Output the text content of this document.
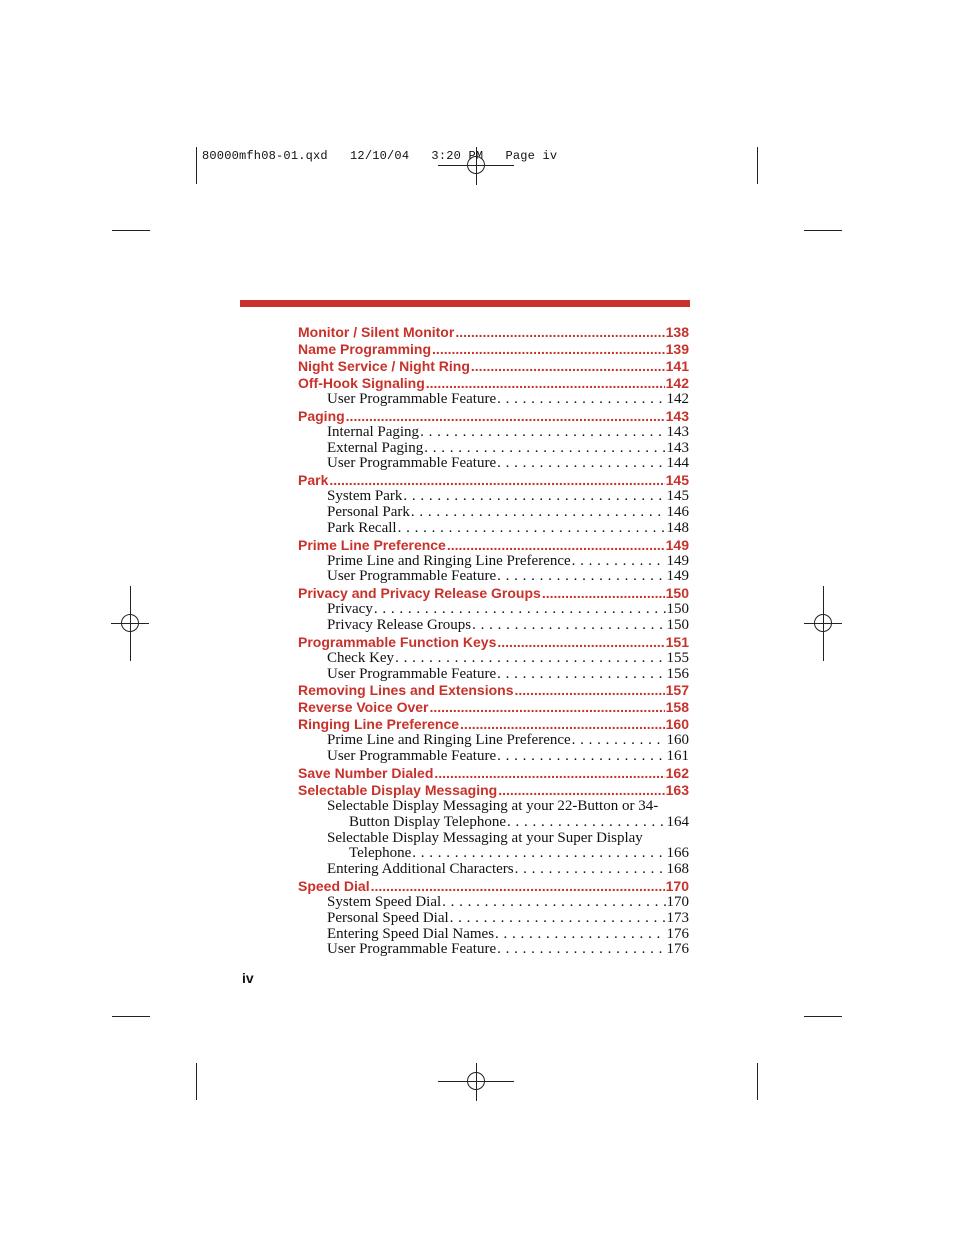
80000mfh08-01.qxd   12/10/04   3:20 PM   Page iv
Monitor / Silent Monitor .....	138
Name Programming .....	139
Night Service / Night Ring .....	141
Off-Hook Signaling .....	142
User Programmable Feature . . .	142
Paging .....	143
Internal Paging . . .	143
External Paging . . .	143
User Programmable Feature . . .	144
Park .....	145
System Park . . .	145
Personal Park . . .	146
Park Recall . . .	148
Prime Line Preference .....	149
Prime Line and Ringing Line Preference . . .	149
User Programmable Feature . . .	149
Privacy and Privacy Release Groups .....	150
Privacy . . .	150
Privacy Release Groups . . .	150
Programmable Function Keys .....	151
Check Key . . .	155
User Programmable Feature . . .	156
Removing Lines and Extensions .....	157
Reverse Voice Over .....	158
Ringing Line Preference .....	160
Prime Line and Ringing Line Preference . . .	160
User Programmable Feature . . .	161
Save Number Dialed .....	162
Selectable Display Messaging .....	163
Selectable Display Messaging at your 22-Button or 34-
Button Display Telephone . . .	164
Selectable Display Messaging at your Super Display
Telephone . . .	166
Entering Additional Characters . . .	168
Speed Dial .....	170
System Speed Dial . . .	170
Personal Speed Dial . . .	173
Entering Speed Dial Names . . .	176
User Programmable Feature . . .	176
iv
